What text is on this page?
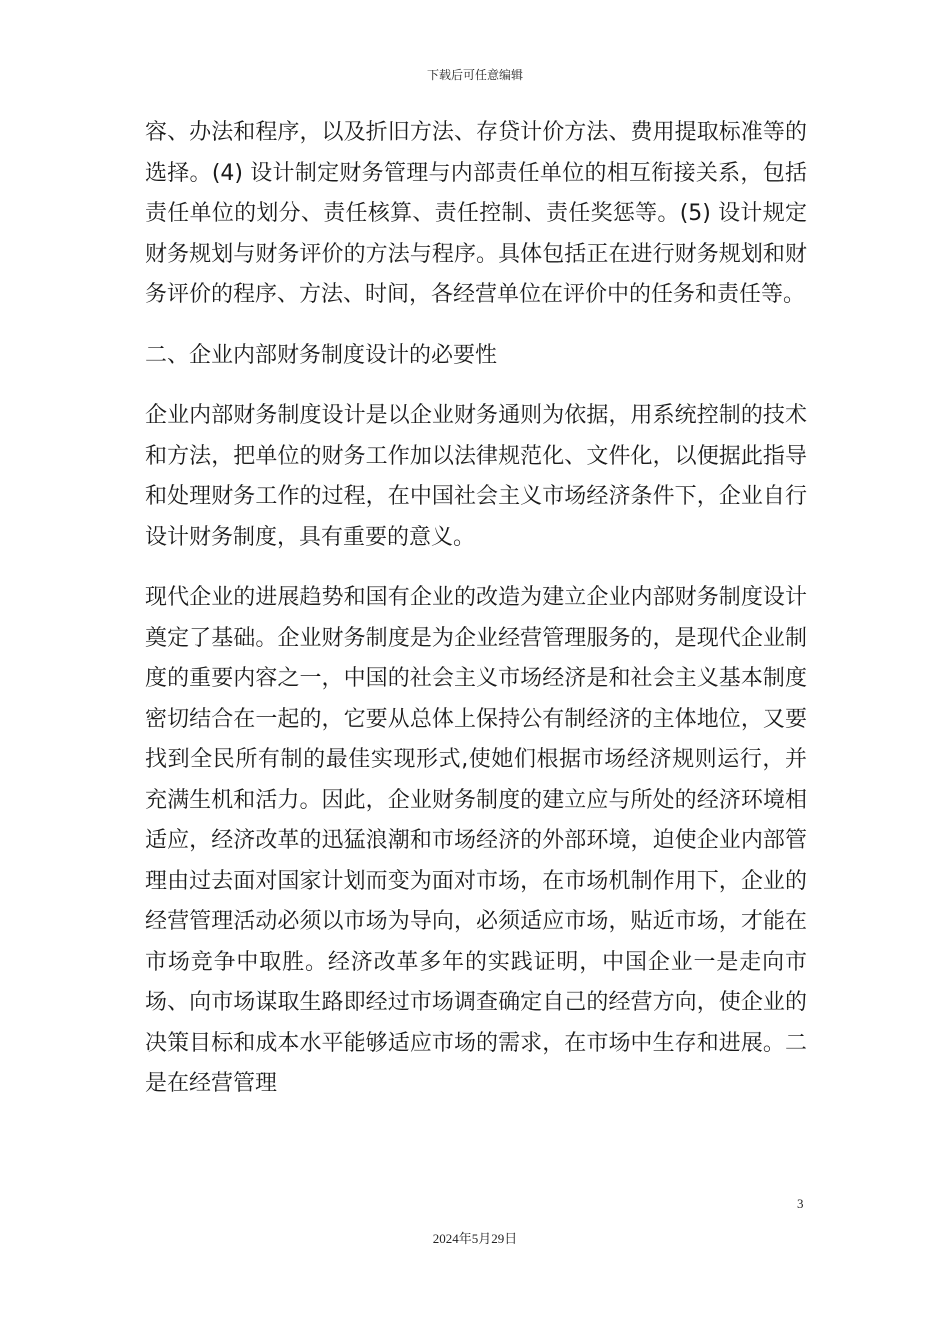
下载后可任意编辑

容、办法和程序，以及折旧方法、存贷计价方法、费用提取标准等的选择。(4) 设计制定财务管理与内部责任单位的相互衔接关系，包括责任单位的划分、责任核算、责任控制、责任奖惩等。(5) 设计规定财务规划与财务评价的方法与程序。具体包括正在进行财务规划和财务评价的程序、方法、时间，各经营单位在评价中的任务和责任等。

二、企业内部财务制度设计的必要性

企业内部财务制度设计是以企业财务通则为依据，用系统控制的技术和方法，把单位的财务工作加以法律规范化、文件化，以便据此指导和处理财务工作的过程，在中国社会主义市场经济条件下，企业自行设计财务制度，具有重要的意义。

现代企业的进展趋势和国有企业的改造为建立企业内部财务制度设计奠定了基础。企业财务制度是为企业经营管理服务的，是现代企业制度的重要内容之一，中国的社会主义市场经济是和社会主义基本制度密切结合在一起的，它要从总体上保持公有制经济的主体地位，又要找到全民所有制的最佳实现形式,使她们根据市场经济规则运行，并充满生机和活力。因此，企业财务制度的建立应与所处的经济环境相适应，经济改革的迅猛浪潮和市场经济的外部环境，迫使企业内部管理由过去面对国家计划而变为面对市场，在市场机制作用下，企业的经营管理活动必须以市场为导向，必须适应市场，贴近市场，才能在市场竞争中取胜。经济改革多年的实践证明，中国企业一是走向市场、向市场谋取生路即经过市场调查确定自己的经营方向，使企业的决策目标和成本水平能够适应市场的需求，在市场中生存和进展。二是在经营管理

3
2024年5月29日
